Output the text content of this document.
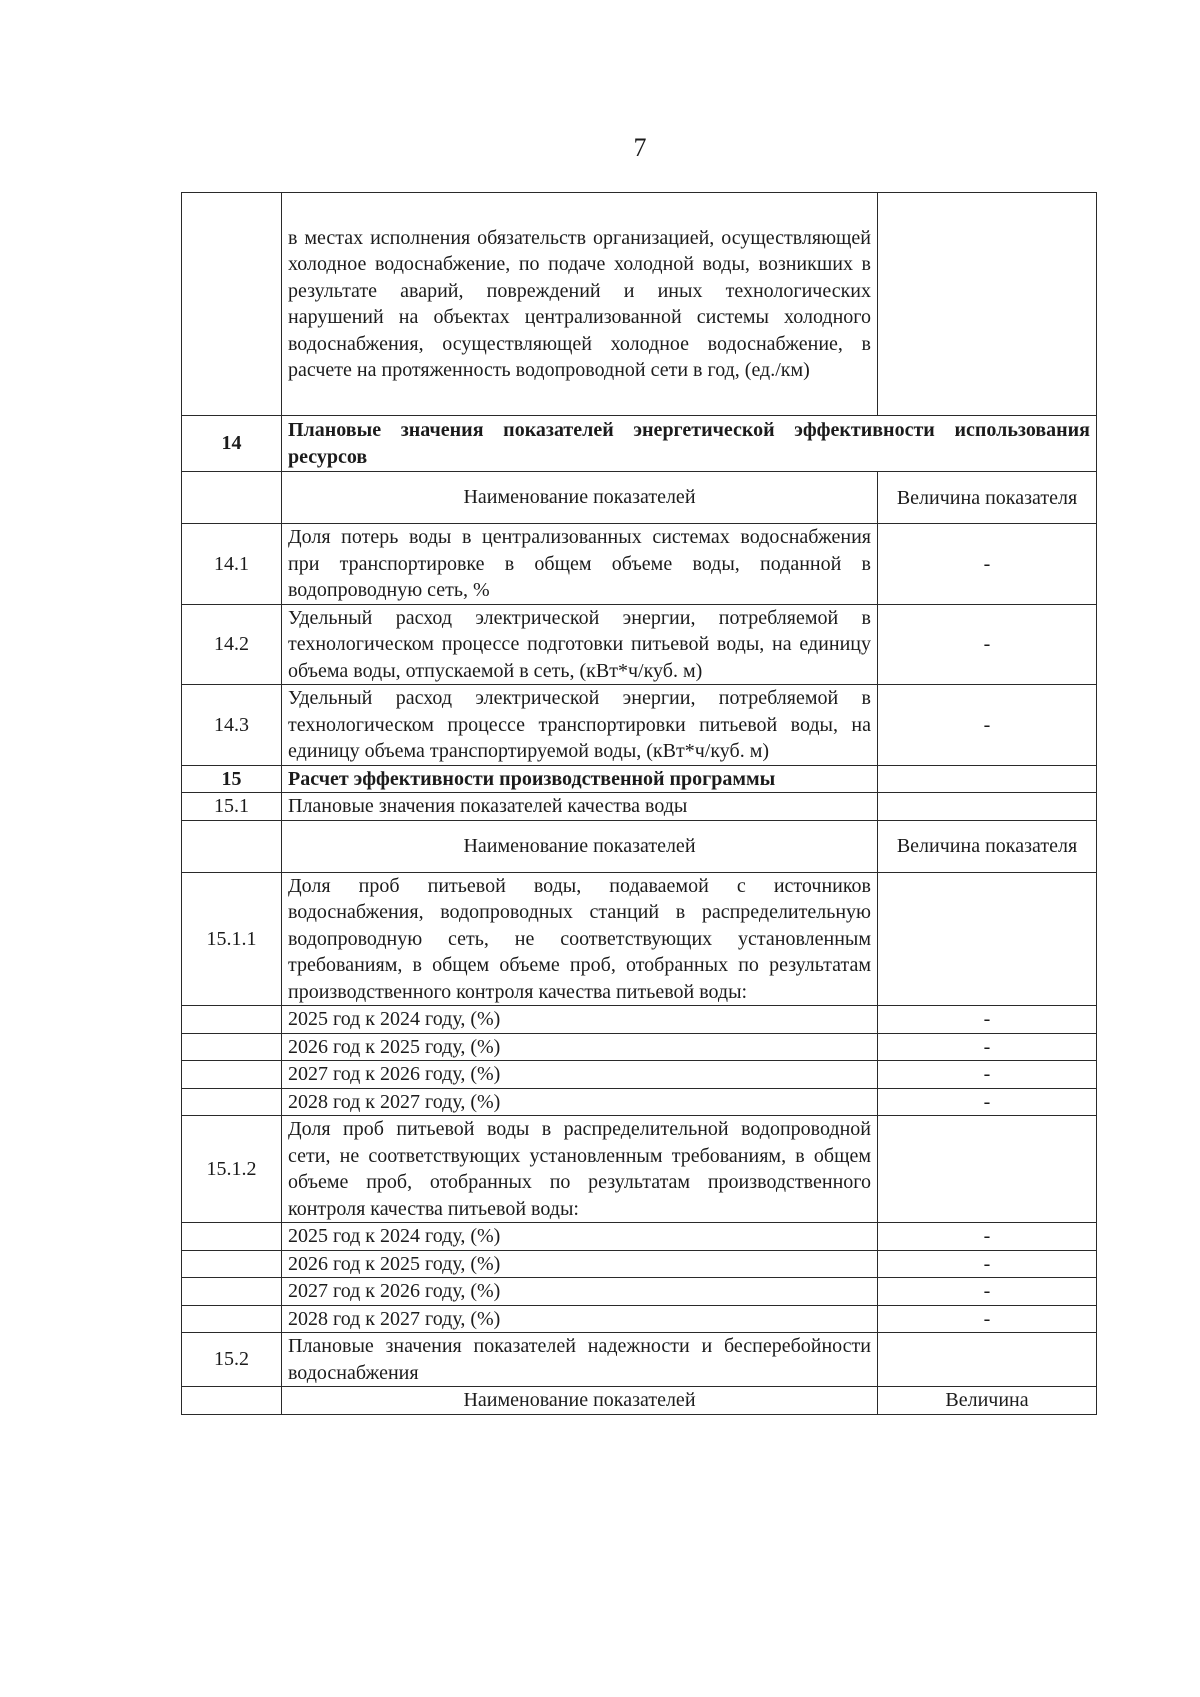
7
	в местах исполнения обязательств организацией, осуществляющей холодное водоснабжение, по подаче холодной воды, возникших в результате аварий, повреждений и иных технологических нарушений на объектах централизованной системы холодного водоснабжения, осуществляющей холодное водоснабжение, в расчете на протяженность водопроводной сети в год, (ед./км)	
14	Плановые значения показателей энергетической эффективности использования ресурсов	
	Наименование показателей	Величина показателя
14.1	Доля потерь воды в централизованных системах водоснабжения при транспортировке в общем объеме воды, поданной в водопроводную сеть, %	-
14.2	Удельный расход электрической энергии, потребляемой в технологическом процессе подготовки питьевой воды, на единицу объема воды, отпускаемой в сеть, (кВт*ч/куб. м)	-
14.3	Удельный расход электрической энергии, потребляемой в технологическом процессе транспортировки питьевой воды, на единицу объема транспортируемой воды, (кВт*ч/куб. м)	-
15	Расчет эффективности производственной программы	
15.1	Плановые значения показателей качества воды	
	Наименование показателей	Величина показателя
15.1.1	Доля проб питьевой воды, подаваемой с источников водоснабжения, водопроводных станций в распределительную водопроводную сеть, не соответствующих установленным требованиям, в общем объеме проб, отобранных по результатам производственного контроля качества питьевой воды:	
	2025 год к 2024 году, (%)	-
	2026 год к 2025 году, (%)	-
	2027 год к 2026 году, (%)	-
	2028 год к 2027 году, (%)	-
15.1.2	Доля проб питьевой воды в распределительной водопроводной сети, не соответствующих установленным требованиям, в общем объеме проб, отобранных по результатам производственного контроля качества питьевой воды:	
	2025 год к 2024 году, (%)	-
	2026 год к 2025 году, (%)	-
	2027 год к 2026 году, (%)	-
	2028 год к 2027 году, (%)	-
15.2	Плановые значения показателей надежности и бесперебойности водоснабжения	
	Наименование показателей	Величина
